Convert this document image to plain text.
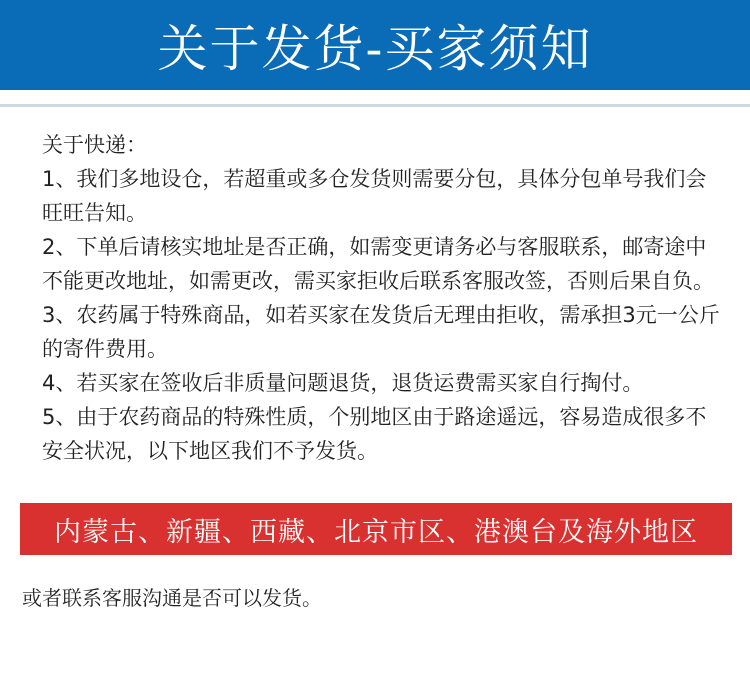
关于发货-买家须知

关于快递：

1、我们多地设仓，若超重或多仓发货则需要分包，具体分包单号我们会旺旺告知。

2、下单后请核实地址是否正确，如需变更请务必与客服联系，邮寄途中不能更改地址，如需更改，需买家拒收后联系客服改签，否则后果自负。

3、农药属于特殊商品，如若买家在发货后无理由拒收，需承担3元一公斤的寄件费用。

4、若买家在签收后非质量问题退货，退货运费需买家自行掏付。

5、由于农药商品的特殊性质，个别地区由于路途遥远，容易造成很多不安全状况，以下地区我们不予发货。

内蒙古、新疆、西藏、北京市区、港澳台及海外地区

或者联系客服沟通是否可以发货。
